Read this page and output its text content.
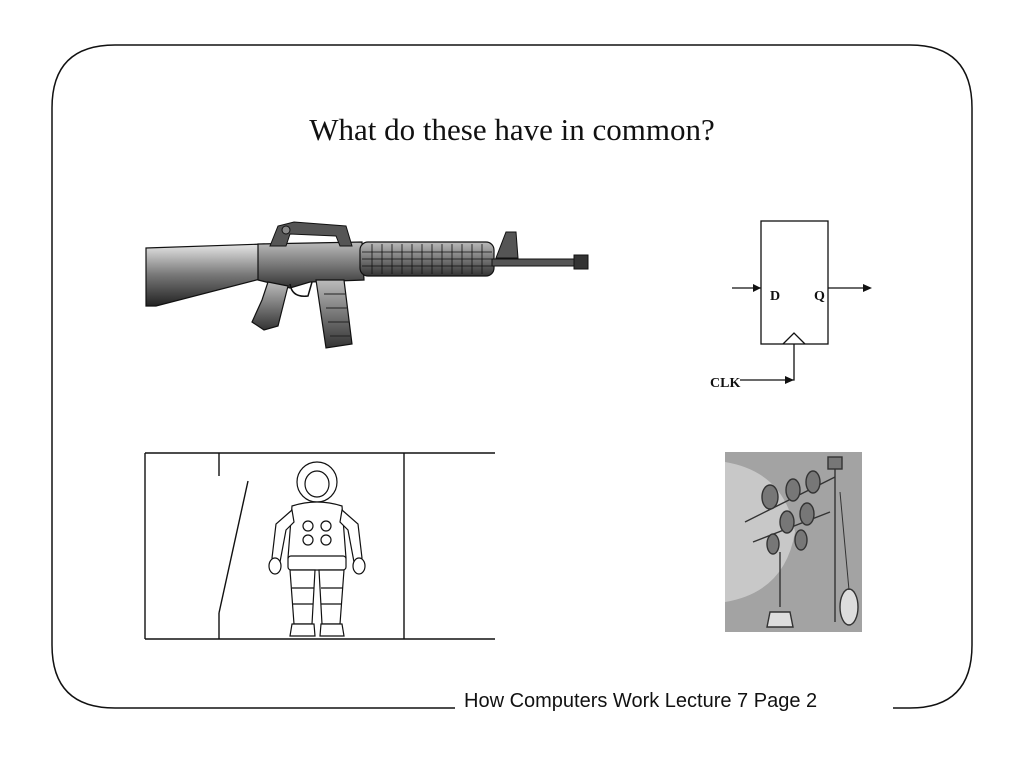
What do these have in common?
D Q
CLK
How Computers Work Lecture 7 Page 2
